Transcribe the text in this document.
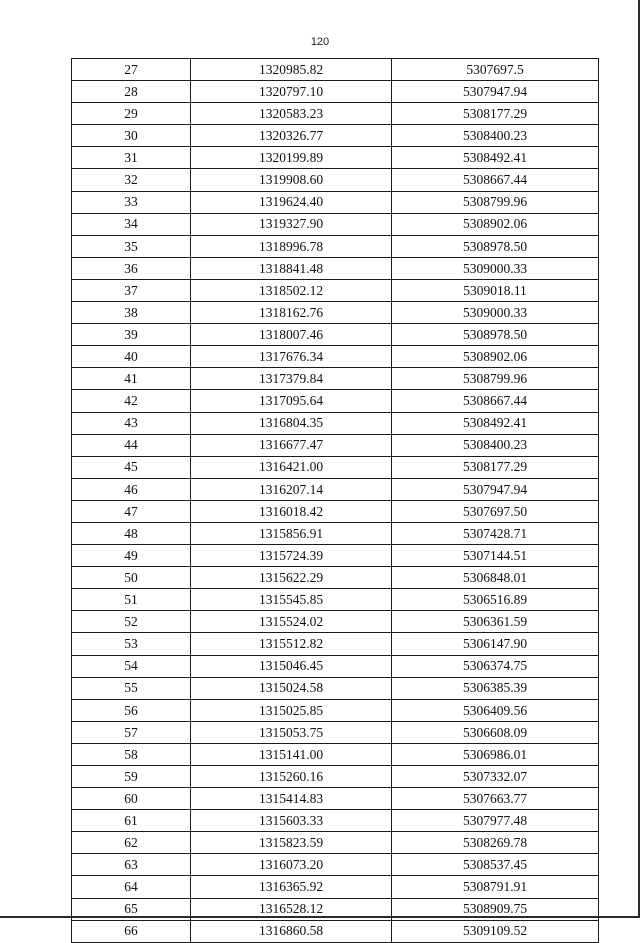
120
27	1320985.82	5307697.5
28	1320797.10	5307947.94
29	1320583.23	5308177.29
30	1320326.77	5308400.23
31	1320199.89	5308492.41
32	1319908.60	5308667.44
33	1319624.40	5308799.96
34	1319327.90	5308902.06
35	1318996.78	5308978.50
36	1318841.48	5309000.33
37	1318502.12	5309018.11
38	1318162.76	5309000.33
39	1318007.46	5308978.50
40	1317676.34	5308902.06
41	1317379.84	5308799.96
42	1317095.64	5308667.44
43	1316804.35	5308492.41
44	1316677.47	5308400.23
45	1316421.00	5308177.29
46	1316207.14	5307947.94
47	1316018.42	5307697.50
48	1315856.91	5307428.71
49	1315724.39	5307144.51
50	1315622.29	5306848.01
51	1315545.85	5306516.89
52	1315524.02	5306361.59
53	1315512.82	5306147.90
54	1315046.45	5306374.75
55	1315024.58	5306385.39
56	1315025.85	5306409.56
57	1315053.75	5306608.09
58	1315141.00	5306986.01
59	1315260.16	5307332.07
60	1315414.83	5307663.77
61	1315603.33	5307977.48
62	1315823.59	5308269.78
63	1316073.20	5308537.45
64	1316365.92	5308791.91
65	1316528.12	5308909.75
66	1316860.58	5309109.52
